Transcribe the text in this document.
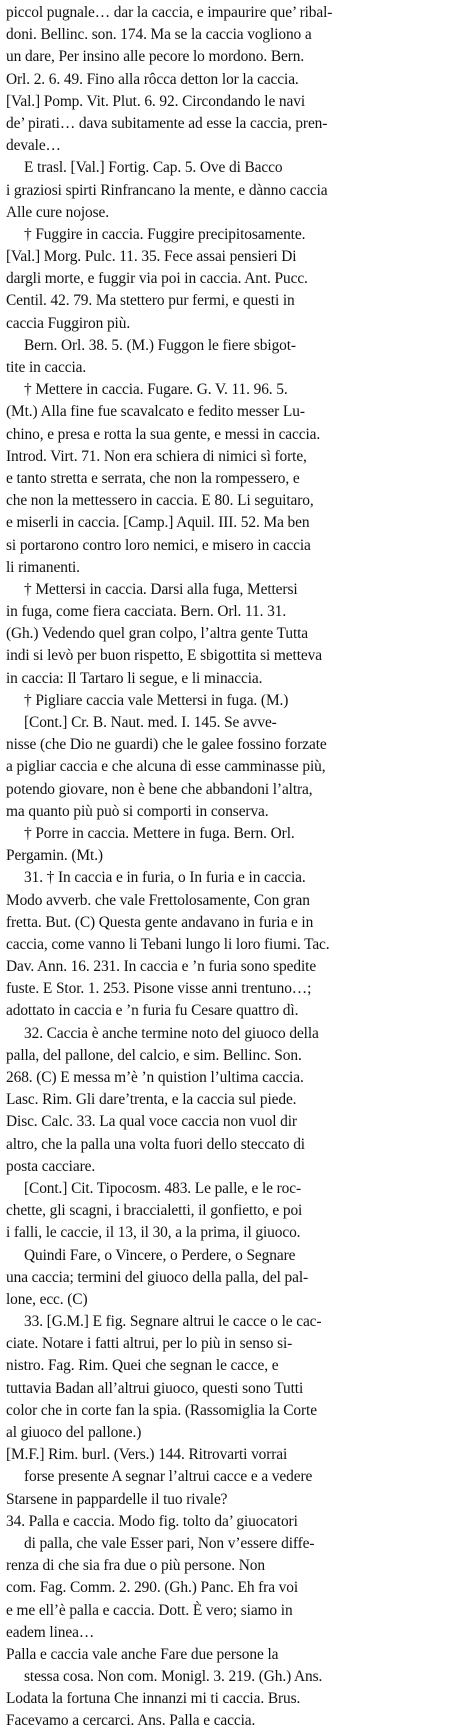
piccol pugnale… dar la caccia, e impaurire que’ ribal-
doni. Bellinc. son. 174. Ma se la caccia vogliono a
un dare, Per insino alle pecore lo mordono. Bern.
Orl. 2. 6. 49. Fino alla rôcca detton lor la caccia.
[Val.] Pomp. Vit. Plut. 6. 92. Circondando le navi
de’ pirati… dava subitamente ad esse la caccia, pren-
devale…
E trasl. [Val.] Fortig. Cap. 5. Ove di Bacco
i graziosi spirti Rinfrancano la mente, e dànno caccia
Alle cure nojose.
† Fuggire in caccia. Fuggire precipitosamente.
[Val.] Morg. Pulc. 11. 35. Fece assai pensieri Di
dargli morte, e fuggir via poi in caccia. Ant. Pucc.
Centil. 42. 79. Ma stettero pur fermi, e questi in
caccia Fuggiron più.
Bern. Orl. 38. 5. (M.) Fuggon le fiere sbigot-
tite in caccia.
† Mettere in caccia. Fugare. G. V. 11. 96. 5.
(Mt.) Alla fine fue scavalcato e fedito messer Lu-
chino, e presa e rotta la sua gente, e messi in caccia.
Introd. Virt. 71. Non era schiera di nimici sì forte,
e tanto stretta e serrata, che non la rompessero, e
che non la mettessero in caccia. E 80. Li seguitaro,
e miserli in caccia. [Camp.] Aquil. III. 52. Ma ben
si portarono contro loro nemici, e misero in caccia
li rimanenti.
† Mettersi in caccia. Darsi alla fuga, Mettersi
in fuga, come fiera cacciata. Bern. Orl. 11. 31.
(Gh.) Vedendo quel gran colpo, l’altra gente Tutta
indi si levò per buon rispetto, E sbigottita si metteva
in caccia: Il Tartaro li segue, e li minaccia.
† Pigliare caccia vale Mettersi in fuga. (M.)
[Cont.] Cr. B. Naut. med. I. 145. Se avve-
nisse (che Dio ne guardi) che le galee fossino forzate
a pigliar caccia e che alcuna di esse camminasse più,
potendo giovare, non è bene che abbandoni l’altra,
ma quanto più può si comporti in conserva.
† Porre in caccia. Mettere in fuga. Bern. Orl.
Pergamin. (Mt.)
31. † In caccia e in furia, o In furia e in caccia.
Modo avverb. che vale Frettolosamente, Con gran
fretta. But. (C) Questa gente andavano in furia e in
caccia, come vanno li Tebani lungo li loro fiumi. Tac.
Dav. Ann. 16. 231. In caccia e ’n furia sono spedite
fuste. E Stor. 1. 253. Pisone visse anni trentuno…;
adottato in caccia e ’n furia fu Cesare quattro dì.
32. Caccia è anche termine noto del giuoco della
palla, del pallone, del calcio, e sim. Bellinc. Son.
268. (C) E messa m’è ’n quistion l’ultima caccia.
Lasc. Rim. Gli dare’trenta, e la caccia sul piede.
Disc. Calc. 33. La qual voce caccia non vuol dir
altro, che la palla una volta fuori dello steccato di
posta cacciare.
[Cont.] Cit. Tipocosm. 483. Le palle, e le roc-
chette, gli scagni, i braccialetti, il gonfietto, e poi
i falli, le caccie, il 13, il 30, a la prima, il giuoco.
Quindi Fare, o Vincere, o Perdere, o Segnare
una caccia; termini del giuoco della palla, del pal-
lone, ecc. (C)
33. [G.M.] E fig. Segnare altrui le cacce o le cac-
ciate. Notare i fatti altrui, per lo più in senso si-
nistro. Fag. Rim. Quei che segnan le cacce, e
tuttavia Badan all’altrui giuoco, questi sono Tutti
color che in corte fan la spia. (Rassomiglia la Corte
al giuoco del pallone.)
[M.F.] Rim. burl. (Vers.) 144. Ritrovarti vorrai
forse presente A segnar l’altrui cacce e a vedere
Starsene in pappardelle il tuo rivale?
34. Palla e caccia. Modo fig. tolto da’ giuocatori
di palla, che vale Esser pari, Non v’essere diffe-
renza di che sia fra due o più persone. Non
com. Fag. Comm. 2. 290. (Gh.) Panc. Eh fra voi
e me ell’è palla e caccia. Dott. È vero; siamo in
eadem linea…
Palla e caccia vale anche Fare due persone la
stessa cosa. Non com. Monigl. 3. 219. (Gh.) Ans.
Lodata la fortuna Che innanzi mi ti caccia. Brus.
Facevamo a cercarci. Ans. Palla e caccia.
